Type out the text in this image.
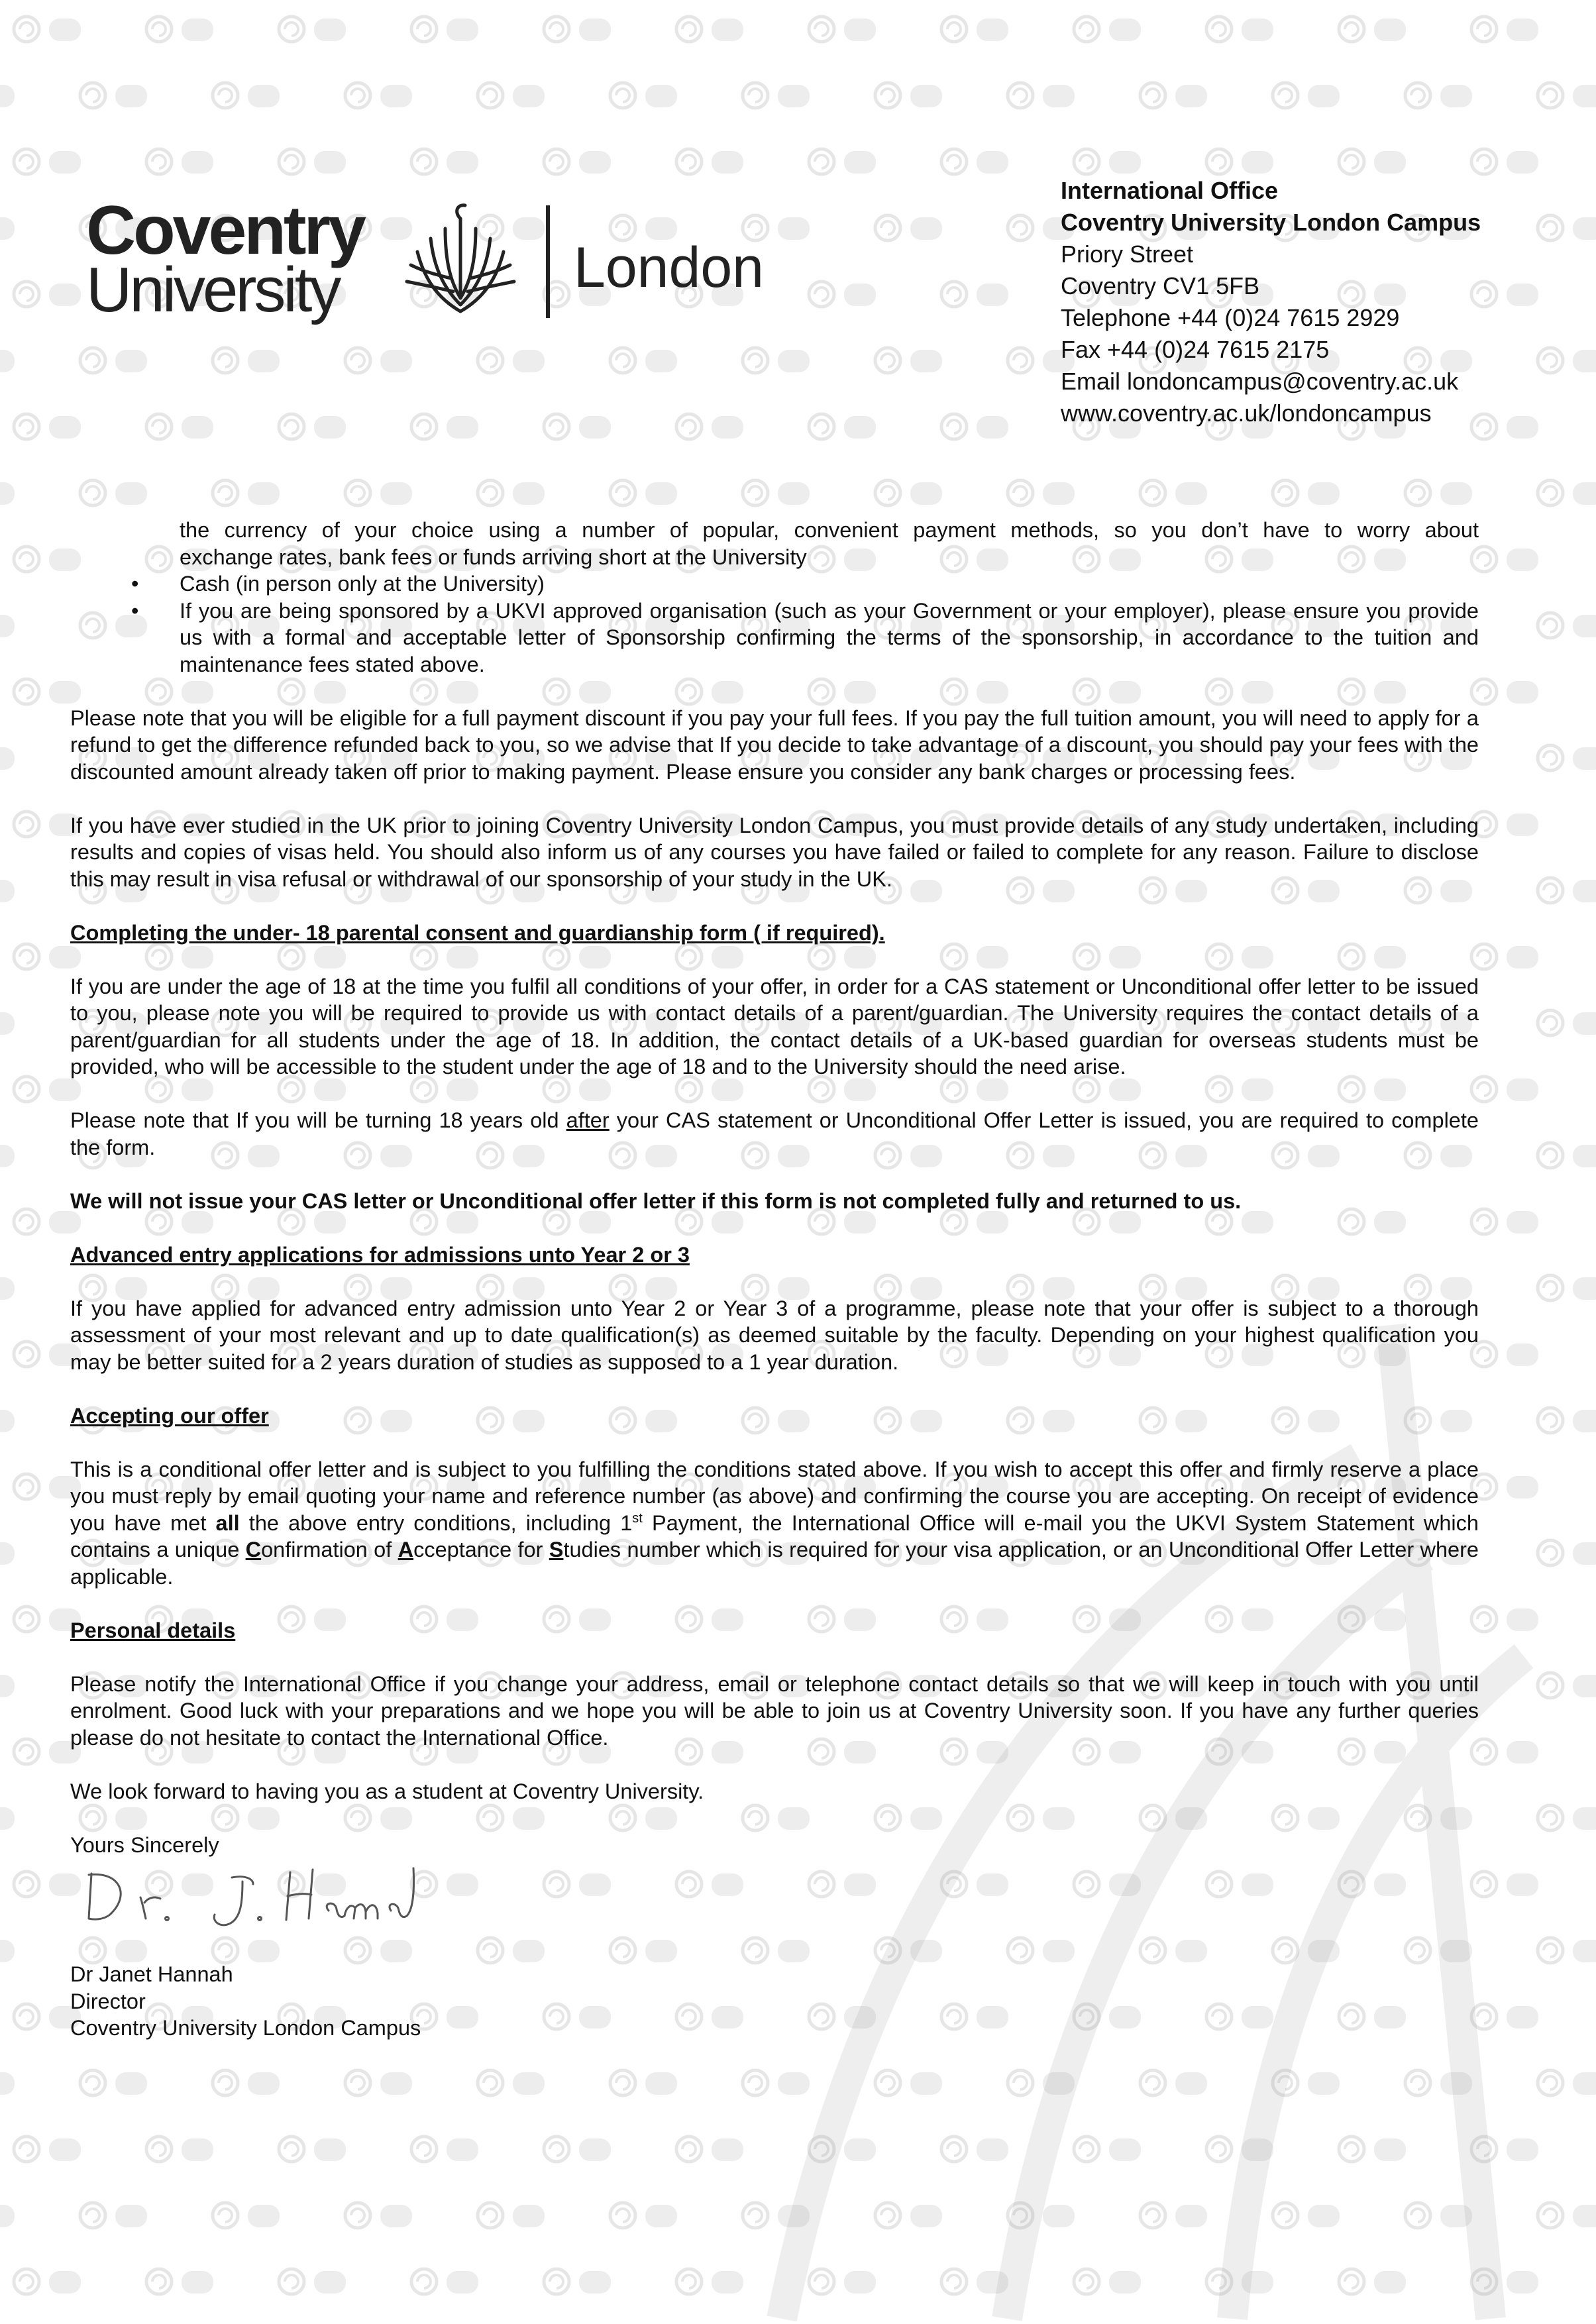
Coventry
University	London
International Office
Coventry University London Campus
Priory Street
Coventry CV1 5FB
Telephone +44 (0)24 7615 2929
Fax +44 (0)24 7615 2175
Email londoncampus@coventry.ac.uk
www.coventry.ac.uk/londoncampus

the currency of your choice using a number of popular, convenient payment methods, so you don’t have to worry about

exchange rates, bank fees or funds arriving short at the University

• Cash (in person only at the University)
• If you are being sponsored by a UKVI approved organisation (such as your Government or your employer), please ensure you provide us with a formal and acceptable letter of Sponsorship confirming the terms of the sponsorship, in accordance to the tuition and maintenance fees stated above.

Please note that you will be eligible for a full payment discount if you pay your full fees. If you pay the full tuition amount, you will need to apply for a refund to get the difference refunded back to you, so we advise that If you decide to take advantage of a discount, you should pay your fees with the discounted amount already taken off prior to making payment. Please ensure you consider any bank charges or processing fees.

If you have ever studied in the UK prior to joining Coventry University London Campus, you must provide details of any study undertaken, including results and copies of visas held. You should also inform us of any courses you have failed or failed to complete for any reason. Failure to disclose this may result in visa refusal or withdrawal of our sponsorship of your study in the UK.

Completing the under- 18 parental consent and guardianship form ( if required).

If you are under the age of 18 at the time you fulfil all conditions of your offer, in order for a CAS statement or Unconditional offer letter to be issued to you, please note you will be required to provide us with contact details of a parent/guardian. The University requires the contact details of a parent/guardian for all students under the age of 18. In addition, the contact details of a UK-based guardian for overseas students must be provided, who will be accessible to the student under the age of 18 and to the University should the need arise.

Please note that If you will be turning 18 years old after your CAS statement or Unconditional Offer Letter is issued, you are required to complete the form.

We will not issue your CAS letter or Unconditional offer letter if this form is not completed fully and returned to us.

Advanced entry applications for admissions unto Year 2 or 3

If you have applied for advanced entry admission unto Year 2 or Year 3 of a programme, please note that your offer is subject to a thorough assessment of your most relevant and up to date qualification(s) as deemed suitable by the faculty. Depending on your highest qualification you may be better suited for a 2 years duration of studies as supposed to a 1 year duration.

Accepting our offer

This is a conditional offer letter and is subject to you fulfilling the conditions stated above. If you wish to accept this offer and firmly reserve a place you must reply by email quoting your name and reference number (as above) and confirming the course you are accepting. On receipt of evidence you have met all the above entry conditions, including 1st Payment, the International Office will e-mail you the UKVI System Statement which contains a unique Confirmation of Acceptance for Studies number which is required for your visa application, or an Unconditional Offer Letter where applicable.

Personal details

Please notify the International Office if you change your address, email or telephone contact details so that we will keep in touch with you until enrolment. Good luck with your preparations and we hope you will be able to join us at Coventry University soon. If you have any further queries please do not hesitate to contact the International Office.

We look forward to having you as a student at Coventry University.

Yours Sincerely

Dr Janet Hannah
Director
Coventry University London Campus
